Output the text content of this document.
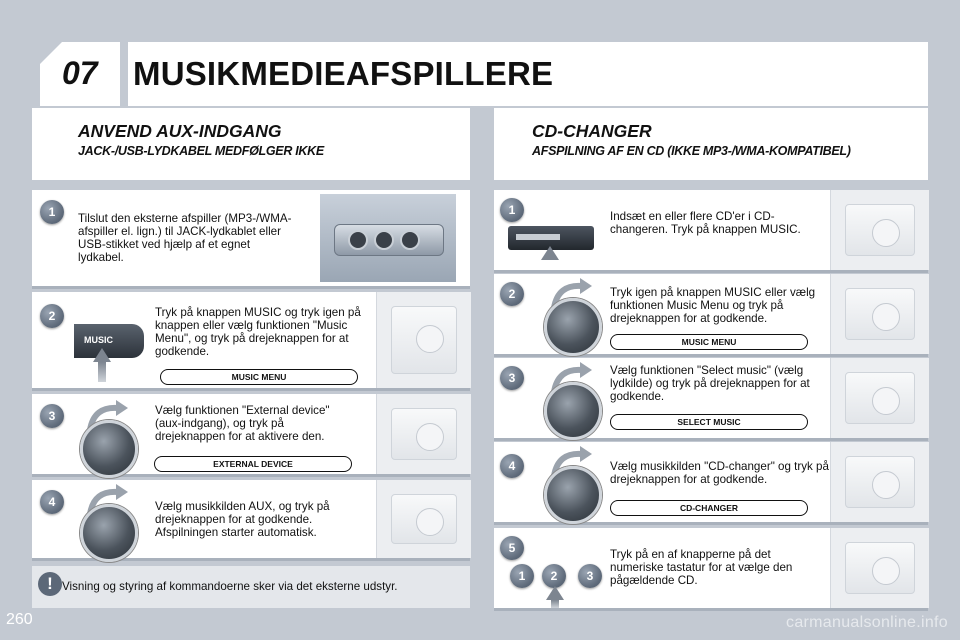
07 MUSIKMEDIEAFSPILLERE
ANVEND AUX-INDGANG
JACK-/USB-LYDKABEL MEDFØLGER IKKE
CD-CHANGER
AFSPILNING AF EN CD (IKKE MP3-/WMA-KOMPATIBEL)
1	Tilslut den eksterne afspiller (MP3-/WMA-afspiller el. lign.) til JACK-lydkablet eller USB-stikket ved hjælp af et egnet lydkabel.
2
MUSIC
Tryk på knappen MUSIC og tryk igen på knappen eller vælg funktionen "Music Menu", og tryk på drejeknappen for at godkende.
MUSIC MENU
3	Vælg funktionen "External device" (aux-indgang), og tryk på drejeknappen for at aktivere den.
EXTERNAL DEVICE
4	Vælg musikkilden AUX, og tryk på drejeknappen for at godkende. Afspilningen starter automatisk.
! Visning og styring af kommandoerne sker via det eksterne udstyr.
1	Indsæt en eller flere CD'er i CD-changeren. Tryk på knappen MUSIC.
2	Tryk igen på knappen MUSIC eller vælg funktionen Music Menu og tryk på drejeknappen for at godkende.
MUSIC MENU
3
Vælg funktionen "Select music" (vælg lydkilde) og tryk på drejeknappen for at godkende.
SELECT MUSIC
4	Vælg musikkilden "CD-changer" og tryk på drejeknappen for at godkende.
CD-CHANGER
5
1	2	3
Tryk på en af knapperne på det numeriske tastatur for at vælge den pågældende CD.
260	carmanualsonline.info
